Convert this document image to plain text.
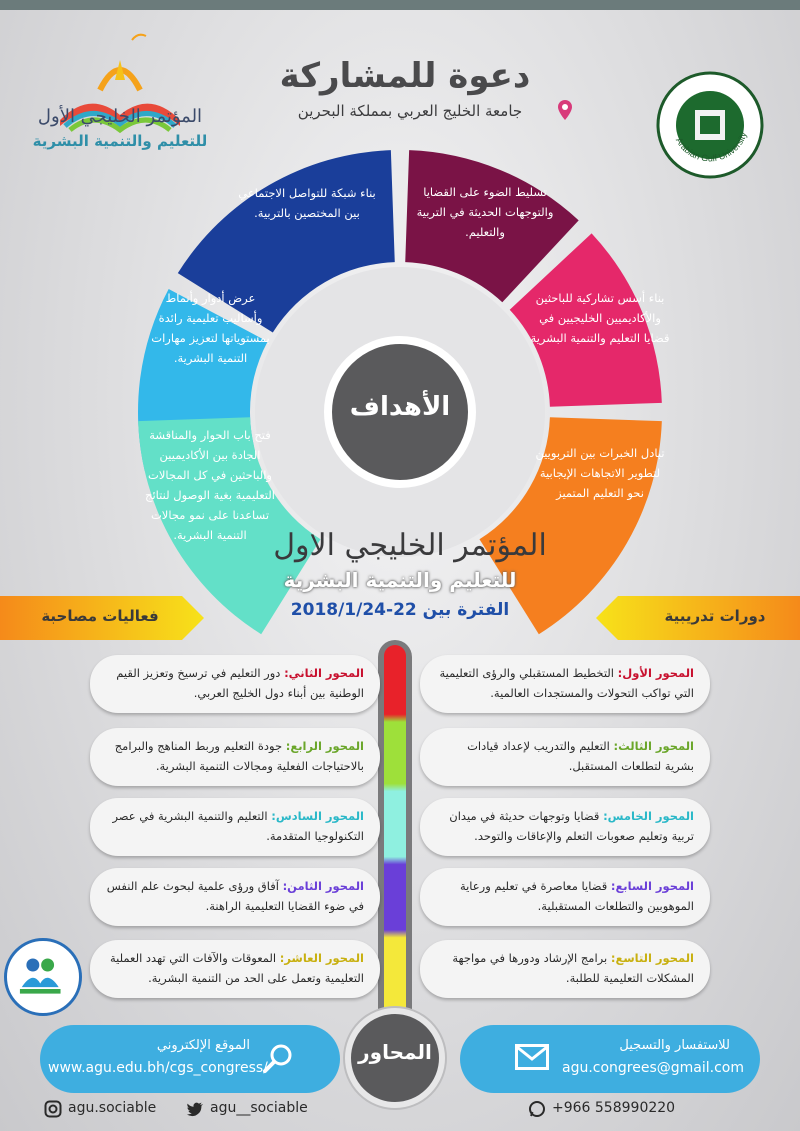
المؤتمر الخليجي الأول
للتعليم والتنمية البشرية	Arabian Gulf University
دعوة للمشاركة
جامعة الخليج العربي بمملكة البحرين
الأهداف
تسليط الضوء على القضايا والتوجهات الحديثة في التربية والتعليم.
بناء أسس تشاركية للباحثين والأكاديميين الخليجيين في قضايا التعليم والتنمية البشرية
تبادل الخبرات بين التربويين لتطوير الاتجاهات الإيجابية نحو التعليم المتميز
فتح باب الحوار والمناقشة الجادة بين الأكاديميين والباحثين في كل المجالات التعليمية بغية الوصول لنتائج تساعدنا على نمو مجالات التنمية البشرية.
عرض أدوار وأنماط وأساليب تعليمية رائدة بمستوياتها لتعزيز مهارات التنمية البشرية.
بناء شبكة للتواصل الاجتماعي بين المختصين بالتربية.
المؤتمر الخليجي الاول
للتعليم والتنمية البشرية
الفترة بين 22-2018/1/24	دورات تدريبية
فعاليات مصاحبة
المحاور
المحور الأول: التخطيط المستقبلي والرؤى التعليمية التي تواكب التحولات والمستجدات العالمية.
المحور الثالث: التعليم والتدريب لإعداد قيادات بشرية لتطلعات المستقبل.
المحور الخامس: قضايا وتوجهات حديثة في ميدان تربية وتعليم صعوبات التعلم والإعاقات والتوحد.
المحور السابع: قضايا معاصرة في تعليم ورعاية الموهوبين والتطلعات المستقبلية.
المحور التاسع: برامج الإرشاد ودورها في مواجهة المشكلات التعليمية للطلبة.
المحور الثاني: دور التعليم في ترسيخ وتعزيز القيم الوطنية بين أبناء دول الخليج العربي.
المحور الرابع: جودة التعليم وربط المناهج والبرامج بالاحتياجات الفعلية ومجالات التنمية البشرية.
المحور السادس: التعليم والتنمية البشرية في عصر التكنولوجيا المتقدمة.
المحور الثامن: آفاق ورؤى علمية لبحوث علم النفس في ضوء القضايا التعليمية الراهنة.
المحور العاشر: المعوقات والآفات التي تهدد العملية التعليمية وتعمل على الحد من التنمية البشرية.
الموقع الإلكتروني
www.agu.edu.bh/cgs_congress/
للاستفسار والتسجيل
agu.congrees@gmail.com
agu.sociable	agu__sociable	+966 558990220
